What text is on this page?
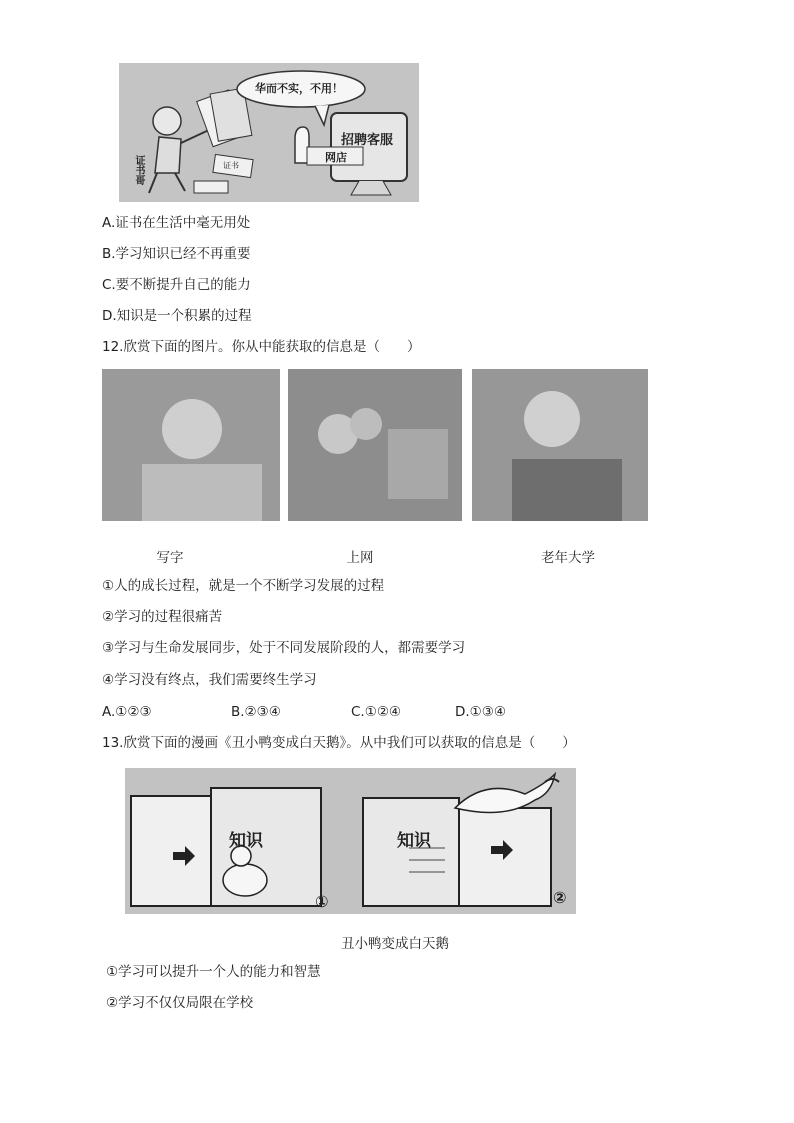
华而不实，不用！
招聘客服
网店
证书
证书哥
A.证书在生活中毫无用处
B.学习知识已经不再重要
C.要不断提升自己的能力
D.知识是一个积累的过程
12.欣赏下面的图片。你从中能获取的信息是（　　）
写字	上网	老年大学
①人的成长过程，就是一个不断学习发展的过程
②学习的过程很痛苦
③学习与生命发展同步，处于不同发展阶段的人，都需要学习
④学习没有终点，我们需要终生学习
A.①②③	B.②③④	C.①②④	D.①③④
13.欣赏下面的漫画《丑小鸭变成白天鹅》。从中我们可以获取的信息是（　　）
知识	知识
①	②
丑小鸭变成白天鹅
①学习可以提升一个人的能力和智慧
②学习不仅仅局限在学校
